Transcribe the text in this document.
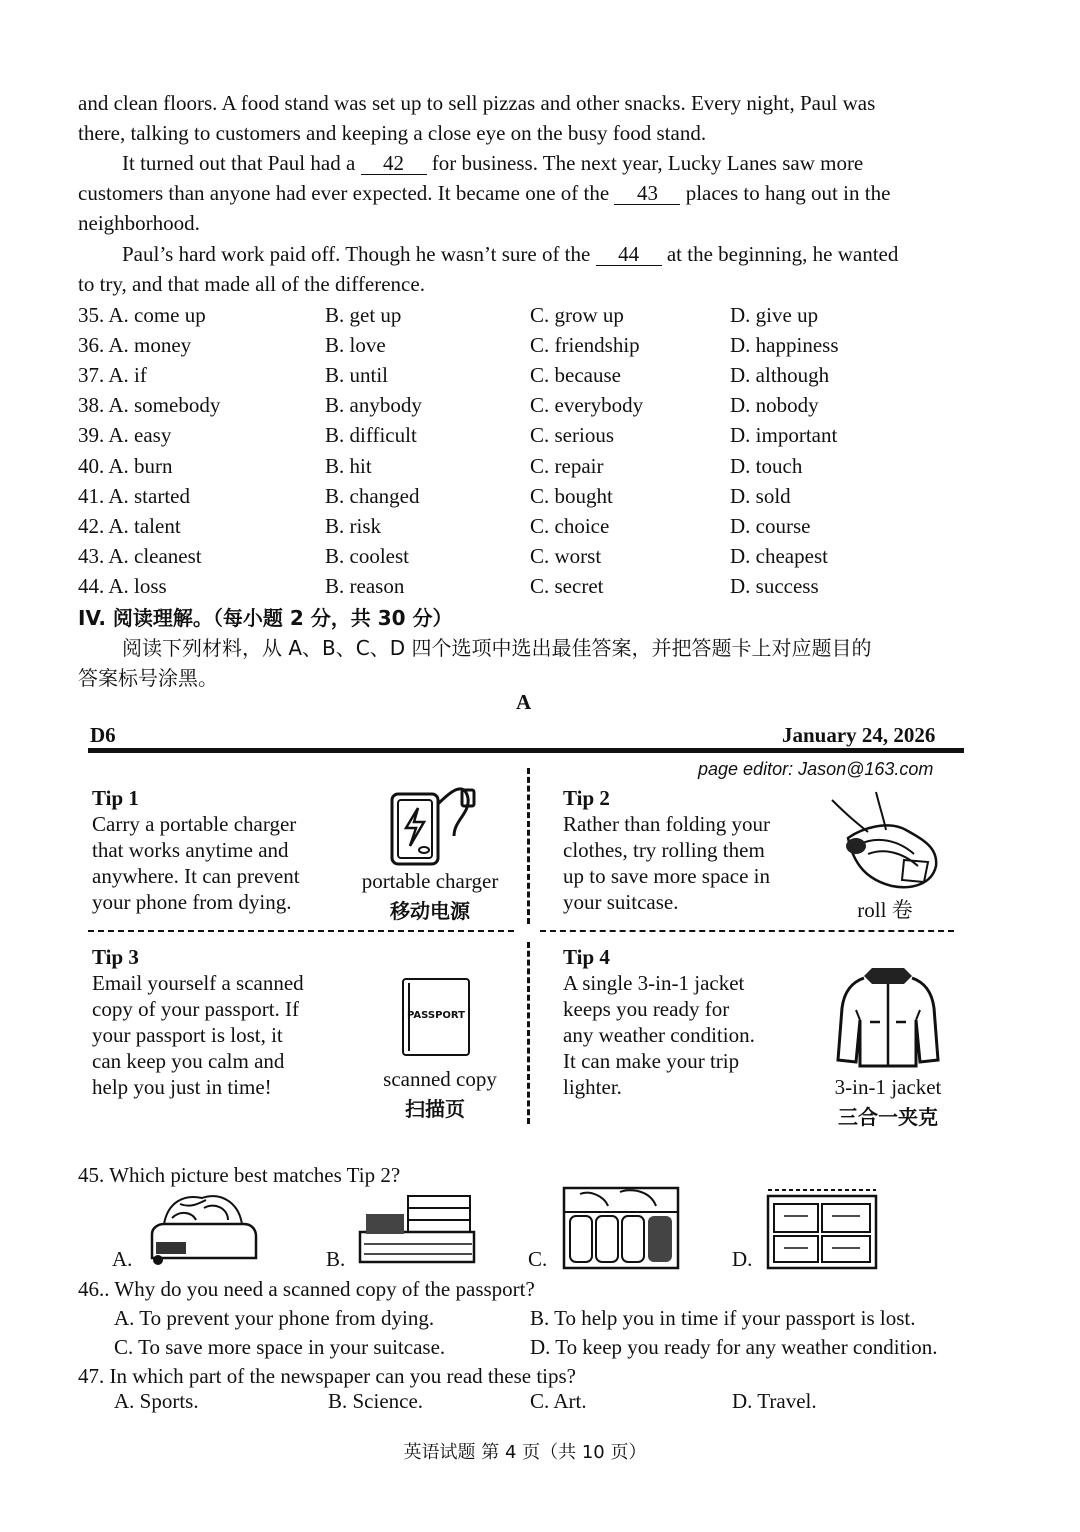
and clean floors. A food stand was set up to sell pizzas and other snacks. Every night, Paul was
there, talking to customers and keeping a close eye on the busy food stand.
It turned out that Paul had a 42 for business. The next year, Lucky Lanes saw more
customers than anyone had ever expected. It became one of the 43 places to hang out in the
neighborhood.
Paul’s hard work paid off. Though he wasn’t sure of the 44 at the beginning, he wanted
to try, and that made all of the difference.
35. A. come up	B. get up	C. grow up	D. give up
36. A. money	B. love	C. friendship	D. happiness
37. A. if	B. until	C. because	D. although
38. A. somebody	B. anybody	C. everybody	D. nobody
39. A. easy	B. difficult	C. serious	D. important
40. A. burn	B. hit	C. repair	D. touch
41. A. started	B. changed	C. bought	D. sold
42. A. talent	B. risk	C. choice	D. course
43. A. cleanest	B. coolest	C. worst	D. cheapest
44. A. loss	B. reason	C. secret	D. success
IV. 阅读理解。（每小题 2 分，共 30 分）
阅读下列材料，从 A、B、C、D 四个选项中选出最佳答案，并把答题卡上对应题目的
答案标号涂黑。
A
D6	January 24, 2026
page editor: Jason@163.com
Tip 1
Carry a portable charger
that works anytime and
anywhere. It can prevent
your phone from dying.
portable charger
移动电源
Tip 2
Rather than folding your
clothes, try rolling them
up to save more space in
your suitcase.	roll 卷
Tip 3
Email yourself a scanned
copy of your passport. If
your passport is lost, it
can keep you calm and
help you just in time!
PASSPORT
scanned copy
扫描页
Tip 4
A single 3-in-1 jacket
keeps you ready for
any weather condition.
It can make your trip
lighter.	3-in-1 jacket
三合一夹克
45. Which picture best matches Tip 2?
A.	B.	C.	D.
46.. Why do you need a scanned copy of the passport?
A. To prevent your phone from dying.	B. To help you in time if your passport is lost.
C. To save more space in your suitcase.	D. To keep you ready for any weather condition.
47. In which part of the newspaper can you read these tips?
A. Sports.	B. Science.	C. Art.	D. Travel.
英语试题 第 4 页（共 10 页）
